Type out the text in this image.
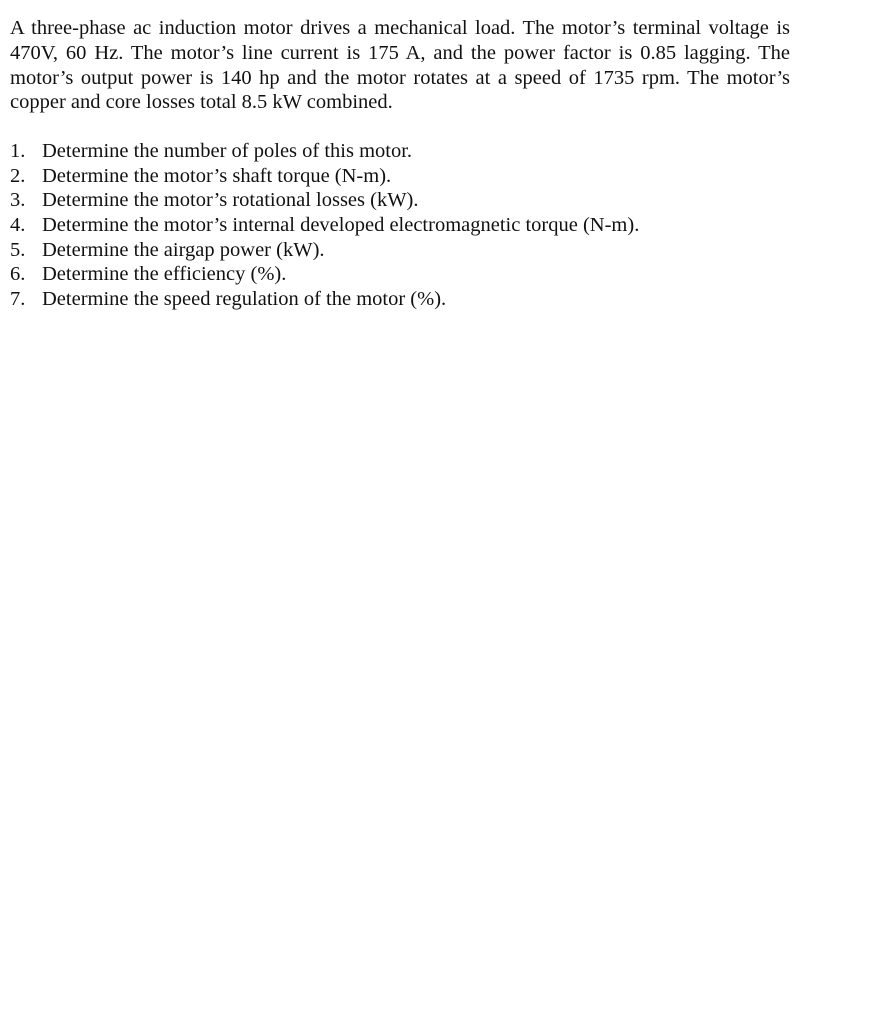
A three-phase ac induction motor drives a mechanical load. The motor’s terminal voltage is 470V, 60 Hz. The motor’s line current is 175 A, and the power factor is 0.85 lagging. The motor’s output power is 140 hp and the motor rotates at a speed of 1735 rpm. The motor’s copper and core losses total 8.5 kW combined.

1. Determine the number of poles of this motor.
2. Determine the motor’s shaft torque (N-m).
3. Determine the motor’s rotational losses (kW).
4. Determine the motor’s internal developed electromagnetic torque (N-m).
5. Determine the airgap power (kW).
6. Determine the efficiency (%).
7. Determine the speed regulation of the motor (%).
